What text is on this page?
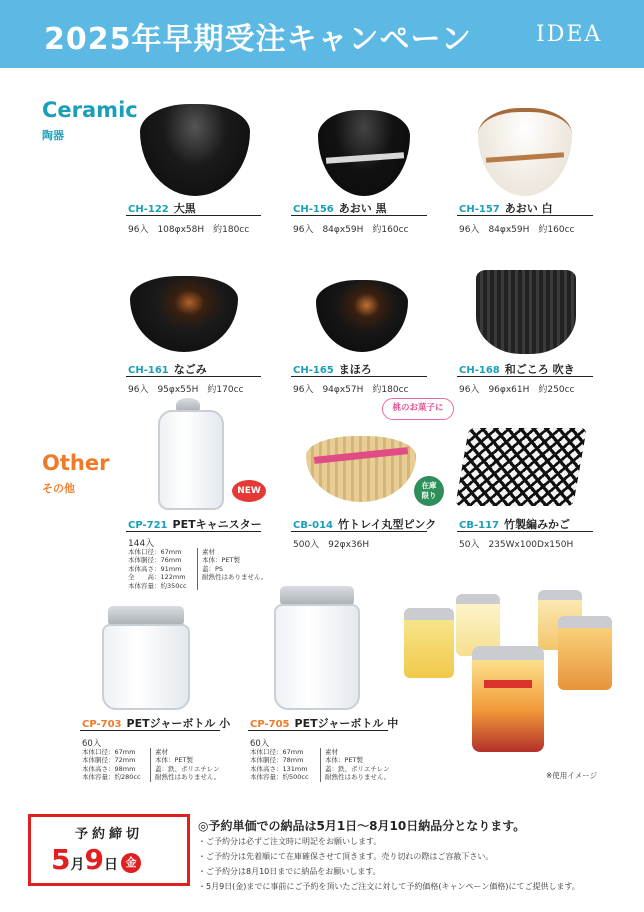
2025年早期受注キャンペーン	IDEA
Ceramic
陶器
CH-122 大黒
96入　108φx58H　約180cc
CH-156 あおい 黒
96入　84φx59H　約160cc
CH-157 あおい 白
96入　84φx59H　約160cc
CH-161 なごみ
96入　95φx55H　約170cc
CH-165 まほろ
96入　94φx57H　約180cc
CH-168 和ごころ 吹き
96入　96φx61H　約250cc
Other
その他	NEW
CP-721 PETキャニスター
144入
本体口径：67mm
本体胴径：76mm
本体高さ：91mm
全　　高：122mm
本体容量：約350cc
素材
本体：PET製
蓋：PS
耐熱性はありません。
桃のお菓子に
在庫
限り
CB-014 竹トレイ丸型ピンク
500入　92φx36H
CB-117 竹製編みかご
50入　235Wx100Dx150H
CP-703 PETジャーボトル 小
60入
本体口径：67mm
本体胴径：72mm
本体高さ：98mm
本体容量：約280cc
素材
本体：PET製
蓋：鉄、ポリエチレン
耐熱性はありません。
CP-705 PETジャーボトル 中
60入
本体口径：67mm
本体胴径：78mm
本体高さ：131mm
本体容量：約500cc
素材
本体：PET製
蓋：鉄、ポリエチレン
耐熱性はありません。	※使用イメージ
予約締切
5月9日 金
◎予約単価での納品は5月1日〜8月10日納品分となります。
・ご予約分は必ずご注文時に明記をお願いします。
・ご予約分は先着順にて在庫確保させて頂きます。売り切れの際はご容赦下さい。
・ご予約分は8月10日までに納品をお願いします。
・5月9日(金)までに事前にご予約を頂いたご注文に対して予約価格(キャンペーン価格)にてご提供します。
